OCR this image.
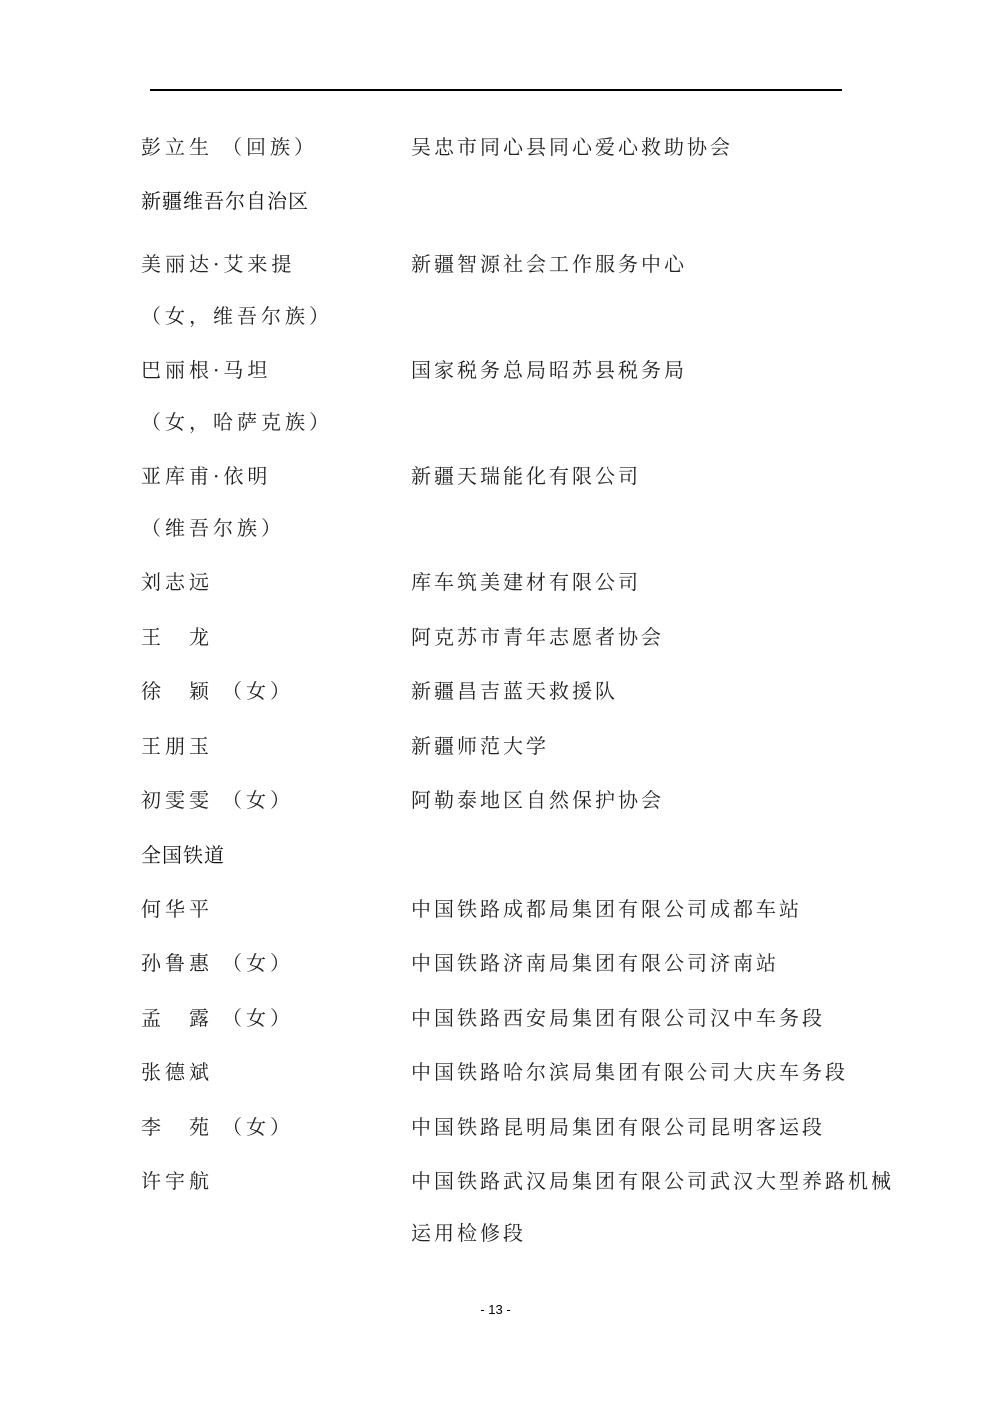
彭立生 （回族）	吴忠市同心县同心爱心救助协会
新疆维吾尔自治区
美丽达·艾来提	新疆智源社会工作服务中心
（女，维吾尔族）
巴丽根·马坦	国家税务总局昭苏县税务局
（女，哈萨克族）
亚库甫·依明	新疆天瑞能化有限公司
（维吾尔族）
刘志远	库车筑美建材有限公司
王　龙	阿克苏市青年志愿者协会
徐　颖 （女）	新疆昌吉蓝天救援队
王朋玉	新疆师范大学
初雯雯 （女）	阿勒泰地区自然保护协会
全国铁道
何华平	中国铁路成都局集团有限公司成都车站
孙鲁惠 （女）	中国铁路济南局集团有限公司济南站
孟　露 （女）	中国铁路西安局集团有限公司汉中车务段
张德斌	中国铁路哈尔滨局集团有限公司大庆车务段
李　苑 （女）	中国铁路昆明局集团有限公司昆明客运段
许宇航	中国铁路武汉局集团有限公司武汉大型养路机械
运用检修段
- 13 -
